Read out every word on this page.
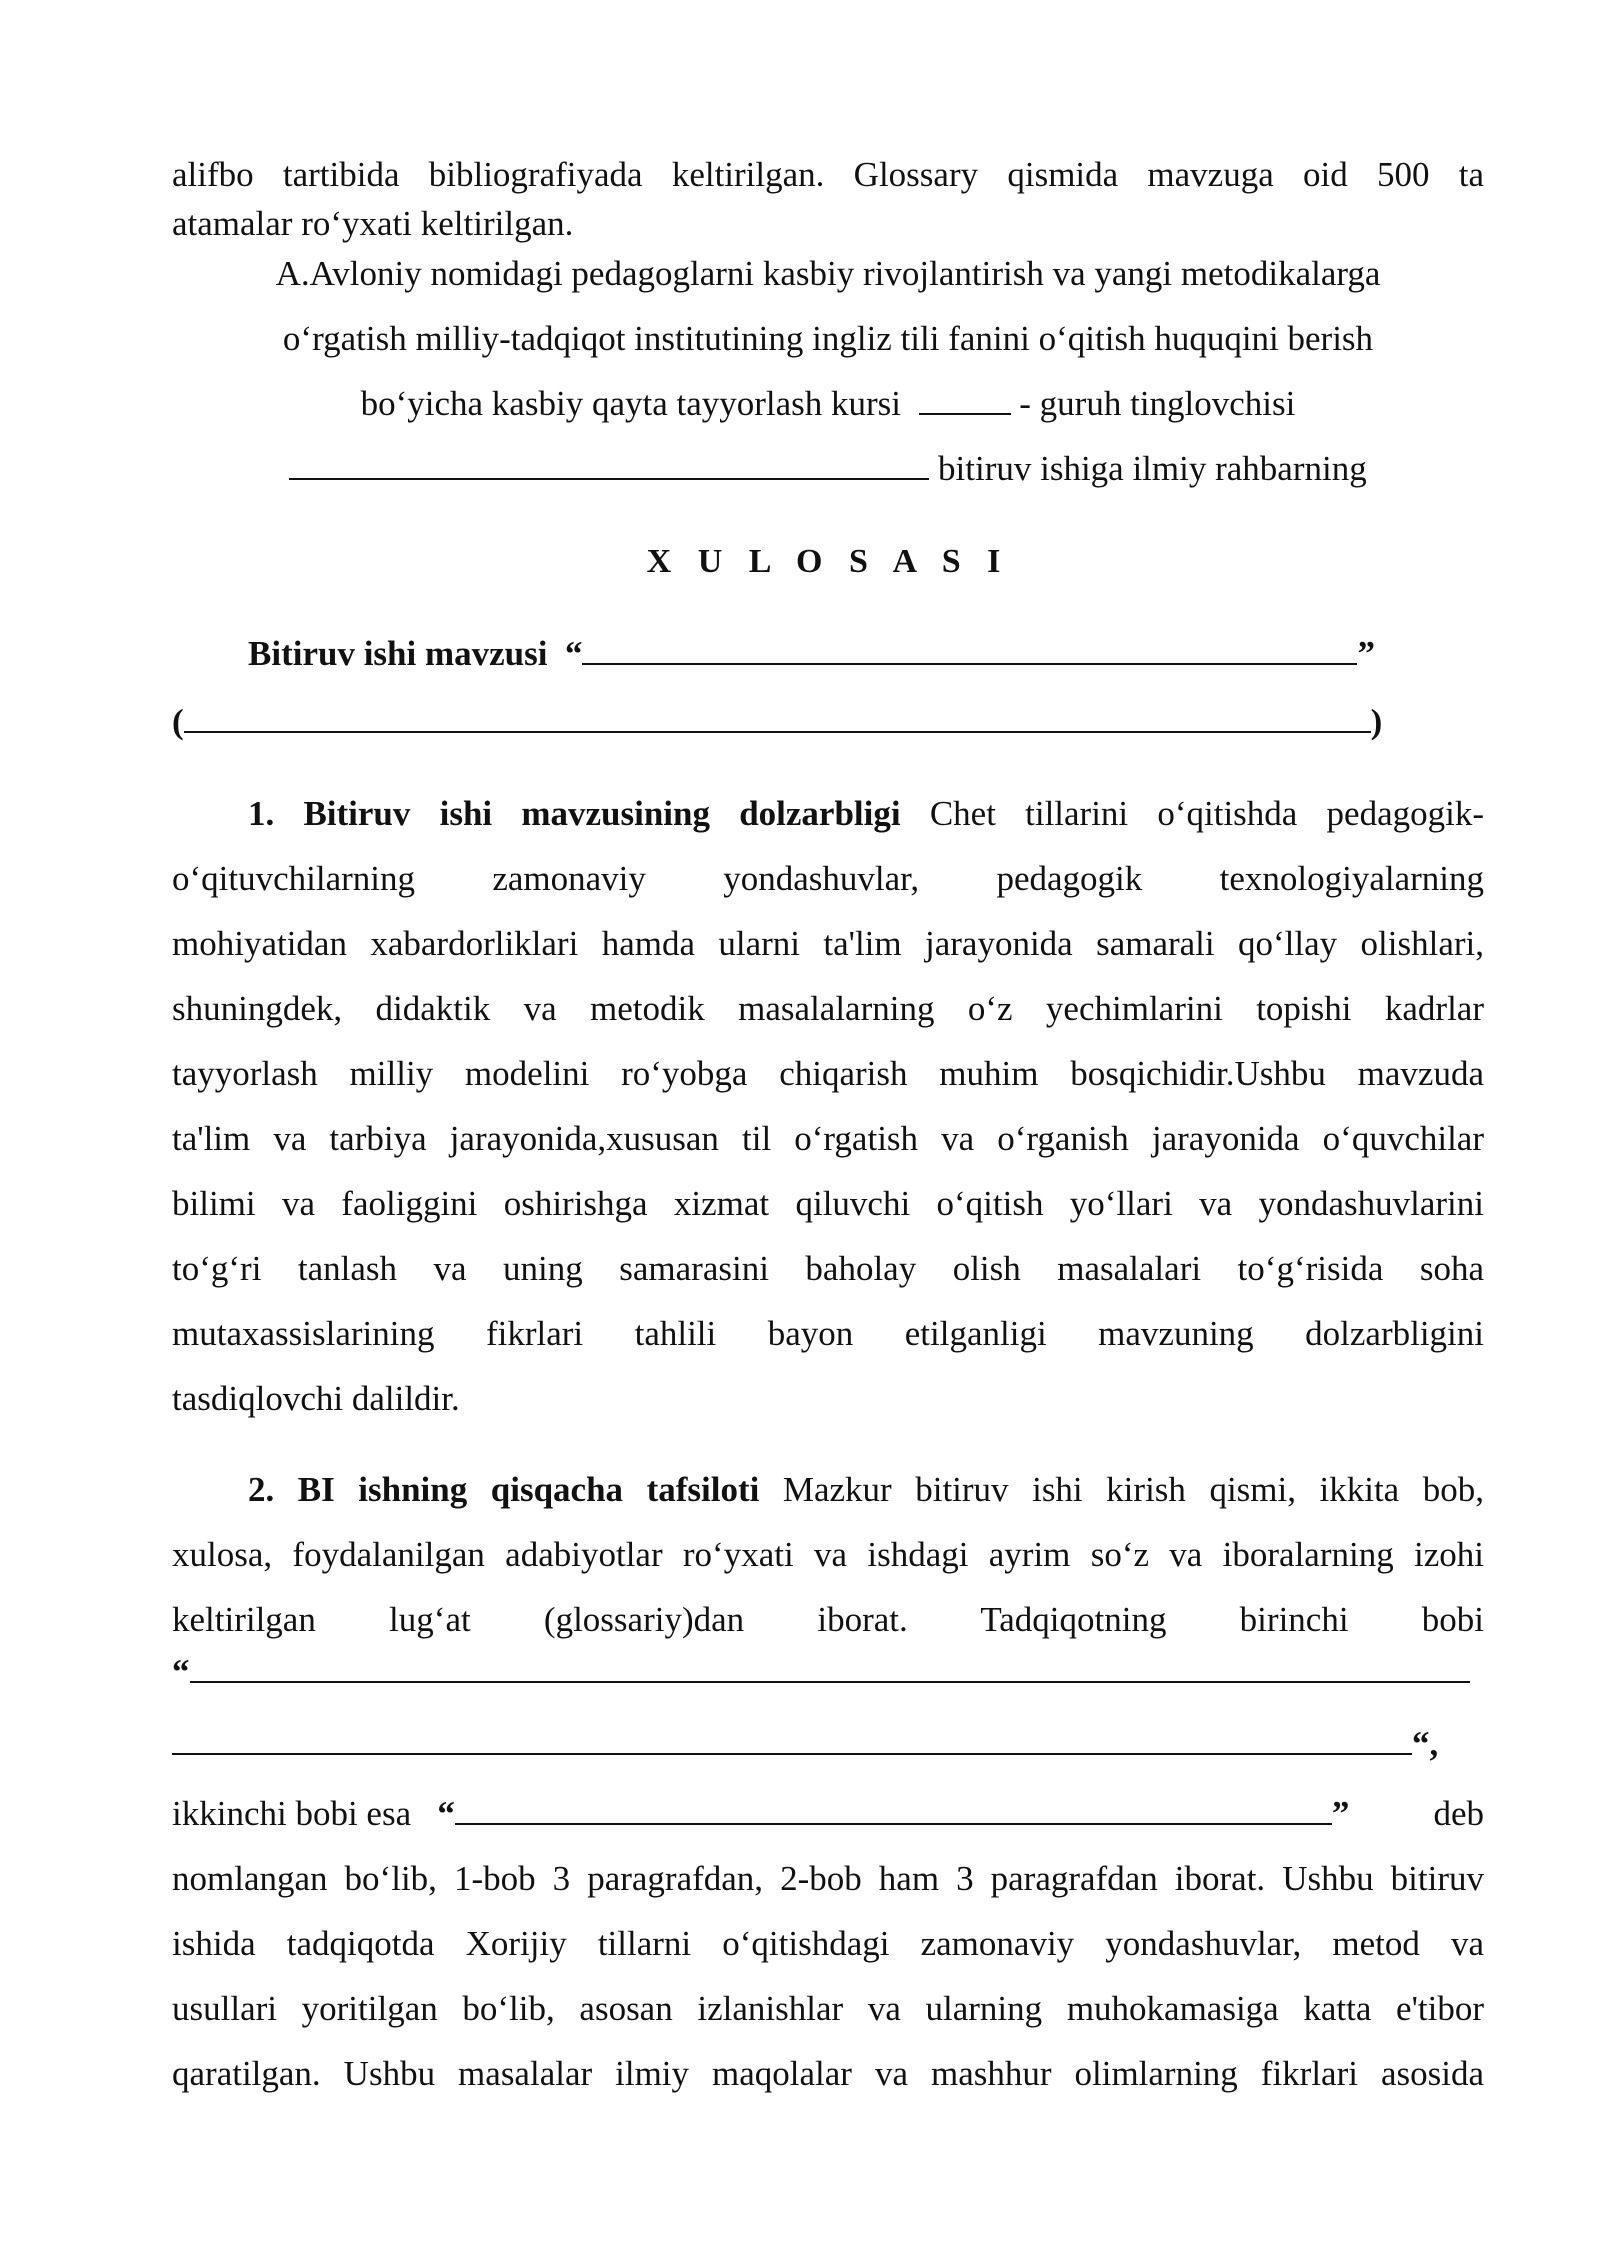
alifbo tartibida bibliografiyada keltirilgan. Glossary qismida mavzuga oid 500 ta
atamalar ro‘yxati keltirilgan.
A.Avloniy nomidagi pedagoglarni kasbiy rivojlantirish va yangi metodikalarga
o‘rgatish milliy-tadqiqot institutining ingliz tili fanini o‘qitish huquqini berish
bo‘yicha kasbiy qayta tayyorlash kursi	- guruh tinglovchisi
bitiruv ishiga ilmiy rahbarning
X U L O S A S I
Bitiruv ishi mavzusi “	”
(	)
1. Bitiruv ishi mavzusining dolzarbligi Chet tillarini o‘qitishda pedagogik-
o‘qituvchilarning zamonaviy yondashuvlar, pedagogik texnologiyalarning
mohiyatidan xabardorliklari hamda ularni ta'lim jarayonida samarali qo‘llay olishlari,
shuningdek, didaktik va metodik masalalarning o‘z yechimlarini topishi kadrlar
tayyorlash milliy modelini ro‘yobga chiqarish muhim bosqichidir.Ushbu mavzuda
ta'lim va tarbiya jarayonida,xususan til o‘rgatish va o‘rganish jarayonida o‘quvchilar
bilimi va faoliggini oshirishga xizmat qiluvchi o‘qitish yo‘llari va yondashuvlarini
to‘g‘ri tanlash va uning samarasini baholay olish masalalari to‘g‘risida soha
mutaxassislarining fikrlari tahlili bayon etilganligi mavzuning dolzarbligini
tasdiqlovchi dalildir.
2. BI ishning qisqacha tafsiloti Mazkur bitiruv ishi kirish qismi, ikkita bob,
xulosa, foydalanilgan adabiyotlar ro‘yxati va ishdagi ayrim so‘z va iboralarning izohi
keltirilgan lug‘at (glossariy)dan iborat. Tadqiqotning birinchi bobi
“
“,
ikkinchi bobi esa “	” deb
nomlangan bo‘lib, 1-bob 3 paragrafdan, 2-bob ham 3 paragrafdan iborat. Ushbu bitiruv
ishida tadqiqotda Xorijiy tillarni o‘qitishdagi zamonaviy yondashuvlar, metod va
usullari yoritilgan bo‘lib, asosan izlanishlar va ularning muhokamasiga katta e'tibor
qaratilgan. Ushbu masalalar ilmiy maqolalar va mashhur olimlarning fikrlari asosida
